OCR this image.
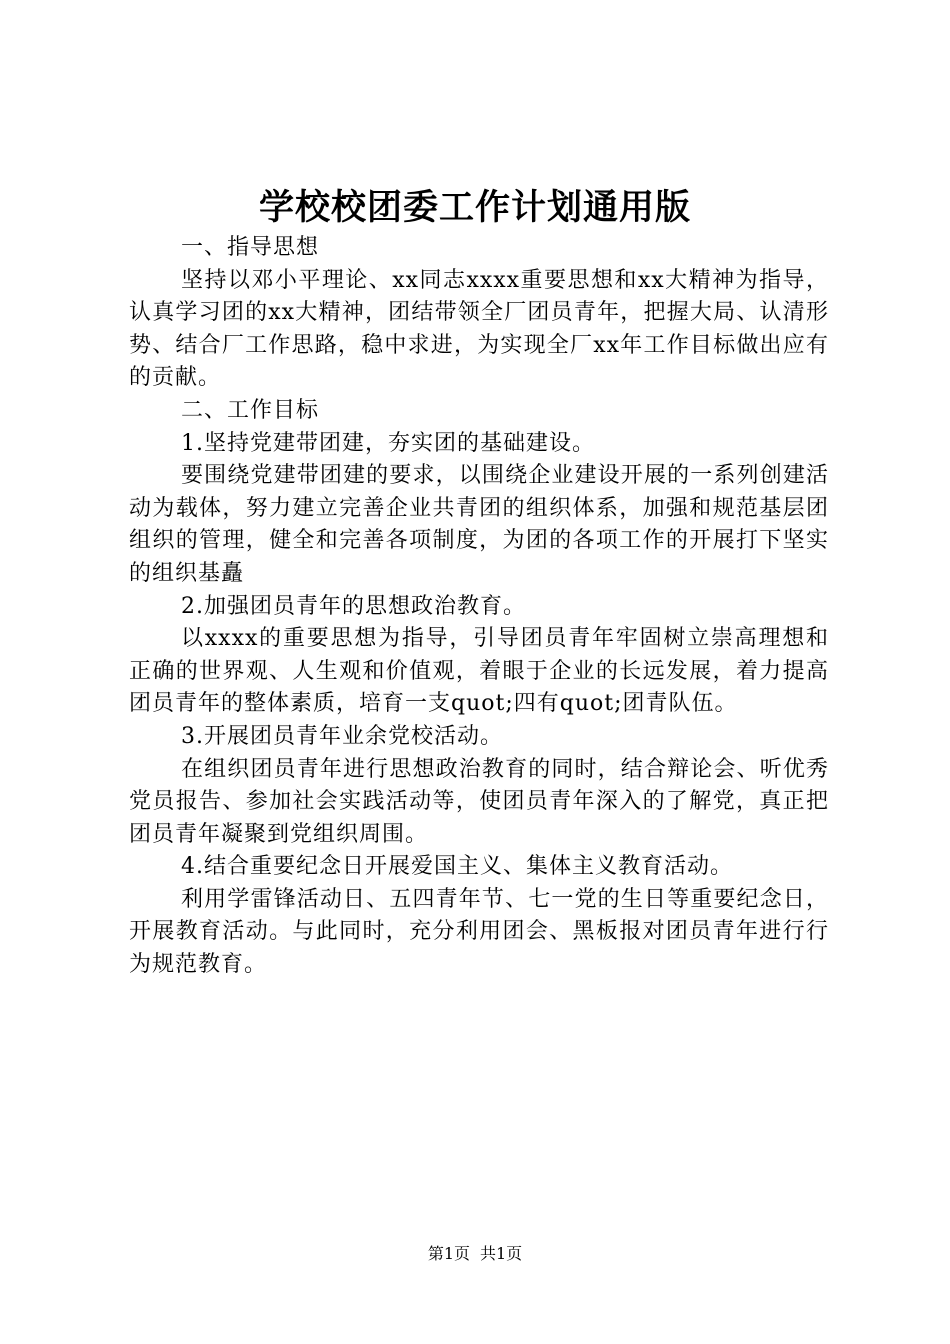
学校校团委工作计划通用版

一、指导思想

坚持以邓小平理论、xx同志xxxx重要思想和xx大精神为指导，认真学习团的xx大精神，团结带领全厂团员青年，把握大局、认清形势、结合厂工作思路，稳中求进，为实现全厂xx年工作目标做出应有的贡献。

二、工作目标

1.坚持党建带团建，夯实团的基础建设。

要围绕党建带团建的要求，以围绕企业建设开展的一系列创建活动为载体，努力建立完善企业共青团的组织体系，加强和规范基层团组织的管理，健全和完善各项制度，为团的各项工作的开展打下坚实的组织基矗

2.加强团员青年的思想政治教育。

以xxxx的重要思想为指导，引导团员青年牢固树立崇高理想和正确的世界观、人生观和价值观，着眼于企业的长远发展，着力提高团员青年的整体素质，培育一支quot;四有quot;团青队伍。

3.开展团员青年业余党校活动。

在组织团员青年进行思想政治教育的同时，结合辩论会、听优秀党员报告、参加社会实践活动等，使团员青年深入的了解党，真正把团员青年凝聚到党组织周围。

4.结合重要纪念日开展爱国主义、集体主义教育活动。

利用学雷锋活动日、五四青年节、七一党的生日等重要纪念日，开展教育活动。与此同时，充分利用团会、黑板报对团员青年进行行为规范教育。

第1页 共1页
